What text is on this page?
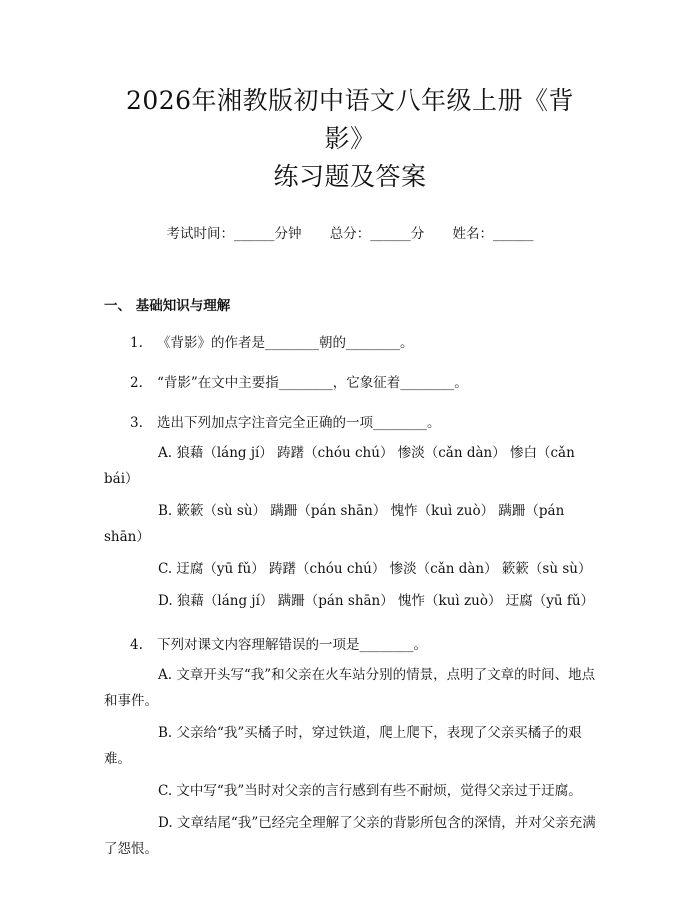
2026年湘教版初中语文八年级上册《背影》
练习题及答案
考试时间：______分钟 总分：______分 姓名：______
一、 基础知识与理解
1. 《背影》的作者是________朝的________。
2. “背影”在文中主要指________，它象征着________。
3. 选出下列加点字注音完全正确的一项________。
A. 狼藉（láng jí） 踌躇（chóu chú） 惨淡（cǎn dàn） 惨白（cǎn bái）
B. 簌簌（sù sù） 蹒跚（pán shān） 愧怍（kuì zuò） 蹒跚（pán shān）
C. 迂腐（yū fǔ） 踌躇（chóu chú） 惨淡（cǎn dàn） 簌簌（sù sù）
D. 狼藉（láng jí） 蹒跚（pán shān） 愧怍（kuì zuò） 迂腐（yū fǔ）
4. 下列对课文内容理解错误的一项是________。
A. 文章开头写“我”和父亲在火车站分别的情景，点明了文章的时间、地点和事件。
B. 父亲给“我”买橘子时，穿过铁道，爬上爬下，表现了父亲买橘子的艰难。
C. 文中写“我”当时对父亲的言行感到有些不耐烦，觉得父亲过于迂腐。
D. 文章结尾“我”已经完全理解了父亲的背影所包含的深情，并对父亲充满了怨恨。
